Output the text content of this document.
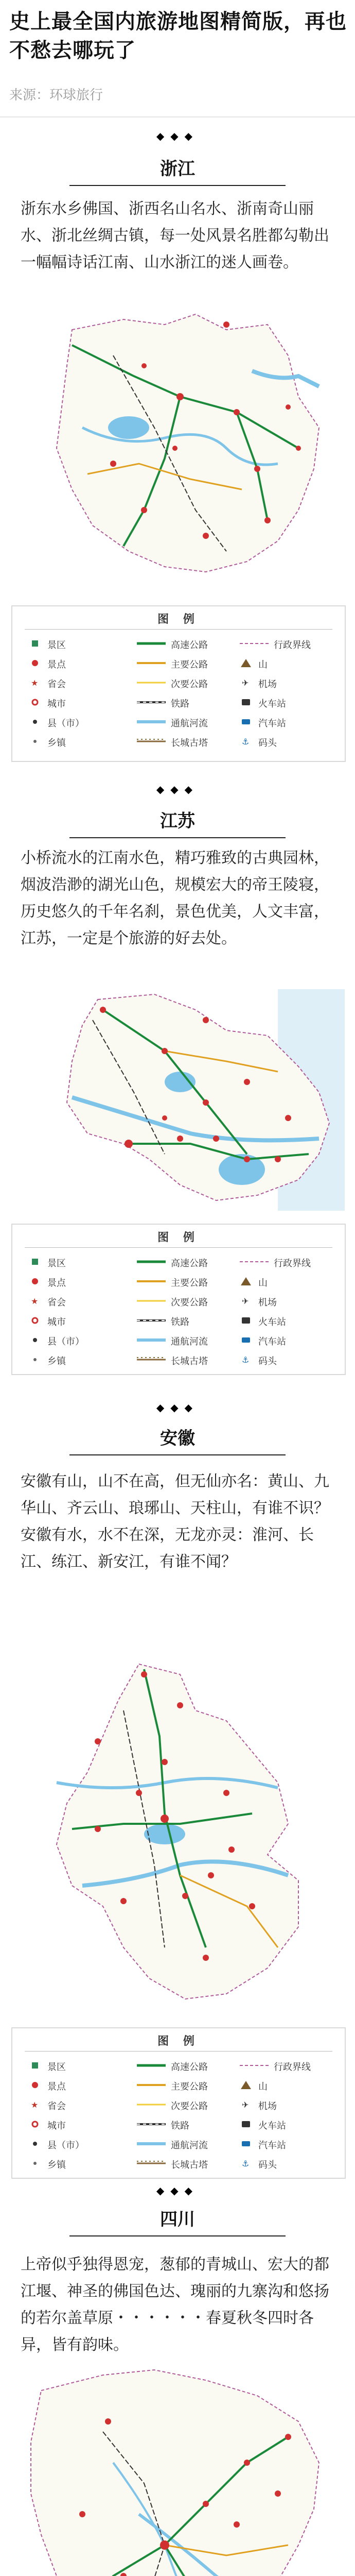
史上最全国内旅游地图精简版，再也不愁去哪玩了
来源：环球旅行
◆◆◆
浙江
浙东水乡佛国、浙西名山名水、浙南奇山丽水、浙北丝绸古镇，每一处风景名胜都勾勒出一幅幅诗话江南、山水浙江的迷人画卷。
图 例
景区	高速公路	行政界线
景点	主要公路	山
★ 省会	次要公路	✈ 机场
城市	铁路	火车站
县（市）	通航河流	汽车站
乡镇	长城古塔	⚓ 码头
◆◆◆
江苏
小桥流水的江南水色，精巧雅致的古典园林，烟波浩渺的湖光山色，规模宏大的帝王陵寝，历史悠久的千年名刹，景色优美，人文丰富，江苏，一定是个旅游的好去处。
图 例
景区	高速公路	行政界线
景点	主要公路	山
★ 省会	次要公路	✈ 机场
城市	铁路	火车站
县（市）	通航河流	汽车站
乡镇	长城古塔	⚓ 码头
◆◆◆
安徽
安徽有山，山不在高，但无仙亦名：黄山、九华山、齐云山、琅琊山、天柱山，有谁不识？安徽有水，水不在深，无龙亦灵：淮河、长江、练江、新安江，有谁不闻？
图 例
景区	高速公路	行政界线
景点	主要公路	山
★ 省会	次要公路	✈ 机场
城市	铁路	火车站
县（市）	通航河流	汽车站
乡镇	长城古塔	⚓ 码头
◆◆◆
四川
上帝似乎独得恩宠，葱郁的青城山、宏大的都江堰、神圣的佛国色达、瑰丽的九寨沟和悠扬的若尔盖草原・・・・・・春夏秋冬四时各异，皆有韵味。
